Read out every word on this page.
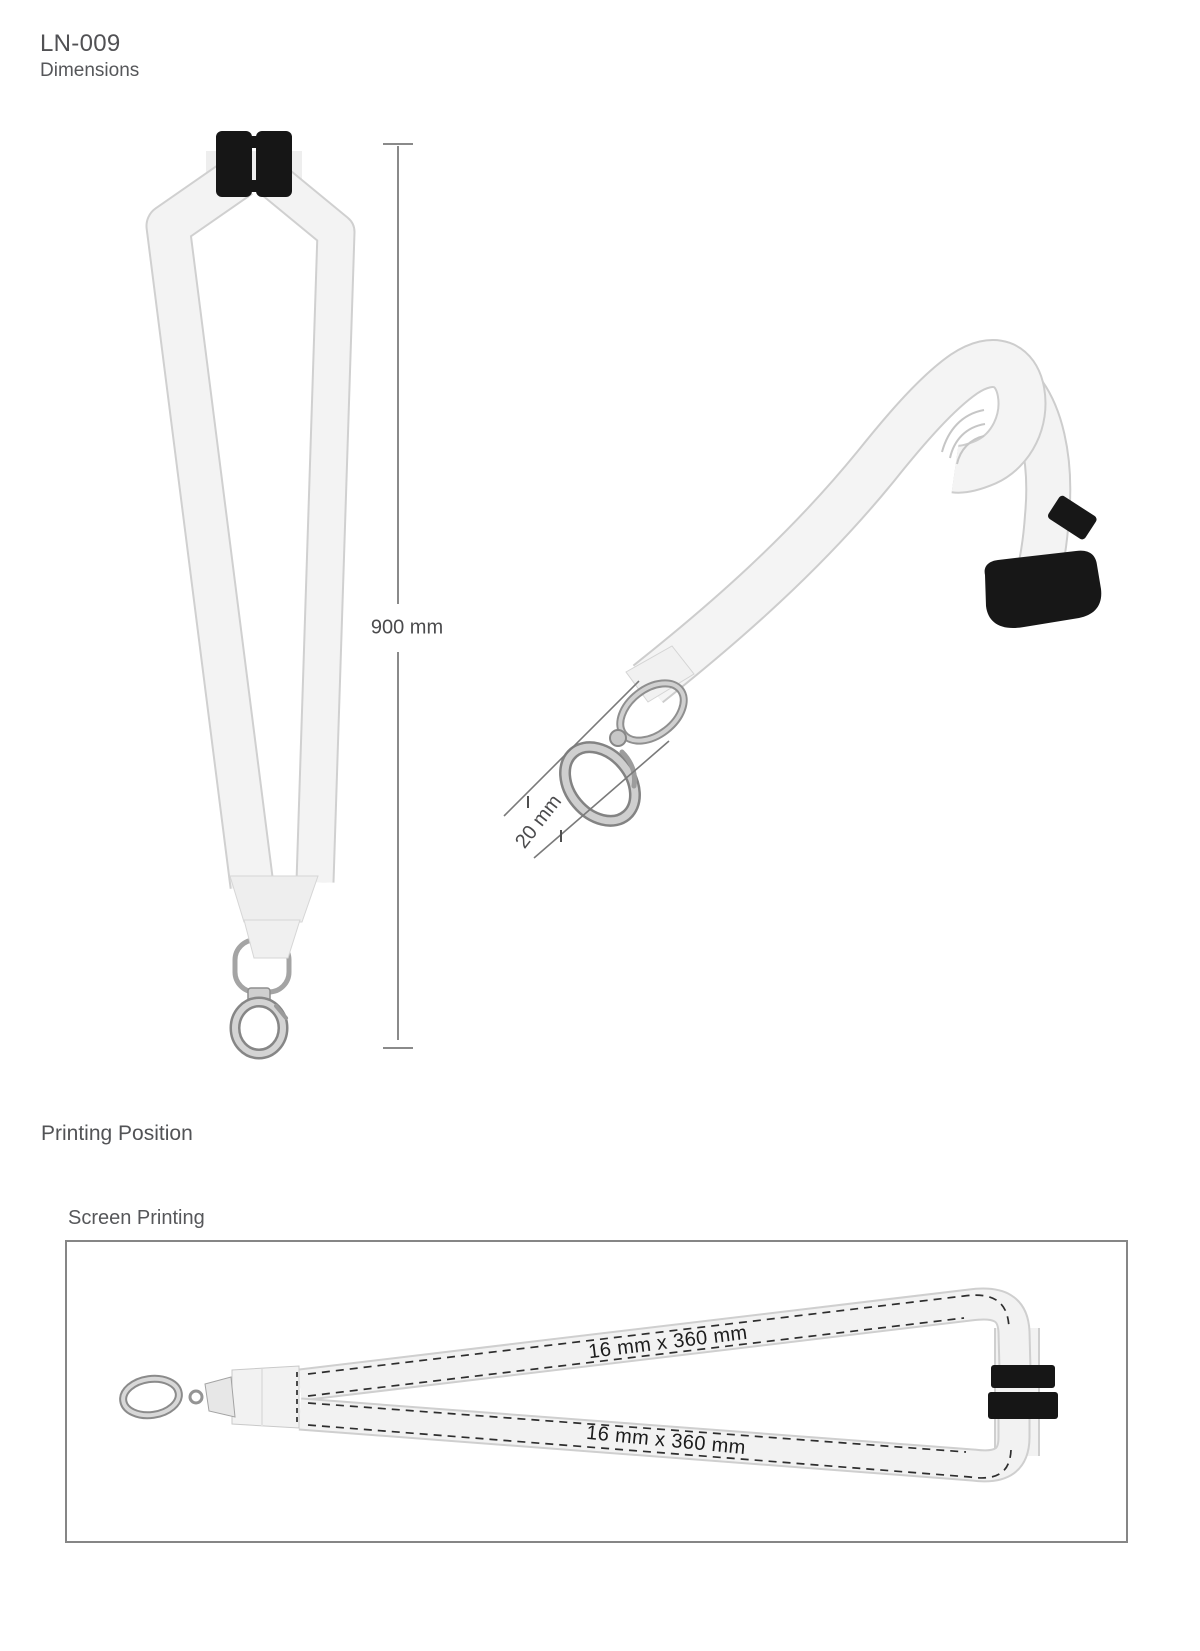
LN-009
Dimensions
Printing Position
Screen Printing
900 mm
20 mm
16 mm x 360 mm
16 mm x 360 mm
